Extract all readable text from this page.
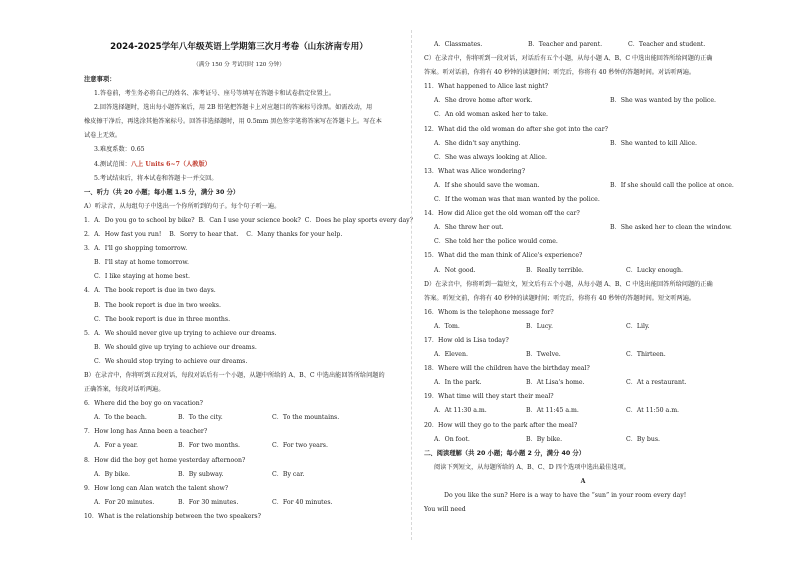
2024-2025学年八年级英语上学期第三次月考卷（山东济南专用）
（满分 150 分 考试用时 120 分钟）
注意事项：
1.答卷前，考生务必将自己的姓名、准考证号、座号等填写在答题卡和试卷指定位置上。
2.回答选择题时，选出每小题答案后，用 2B 铅笔把答题卡上对应题目的答案标号涂黑。如需改动，用
橡皮擦干净后，再选涂其他答案标号。回答非选择题时，用 0.5mm 黑色签字笔将答案写在答题卡上。写在本
试卷上无效。
3.难度系数：0.65
4.测试范围：八上 Units 6~7（人教版）
5.考试结束后，将本试卷和答题卡一并交回。
一、听力（共 20 小题；每小题 1.5 分，满分 30 分）
A）听录音，从每组句子中选出一个你所听到的句子。每个句子听一遍。
1．A．Do you go to school by bike? B．Can I use your science book? C．Does he play sports every day?
2．A．How fast you run! B．Sorry to hear that. C．Many thanks for your help.
3．A．I'll go shopping tomorrow.
B．I'll stay at home tomorrow.
C．I like staying at home best.
4．A．The book report is due in two days.
B．The book report is due in two weeks.
C．The book report is due in three months.
5．A．We should never give up trying to achieve our dreams.
B．We should give up trying to achieve our dreams.
C．We should stop trying to achieve our dreams.
B）在录音中，你将听到五段对话，每段对话后有一个小题，从题中所给的 A、B、C 中选出能回答所给问题的
正确答案，每段对话听两遍。
6．Where did the boy go on vacation?
A．To the beach.	B．To the city.	C．To the mountains.
7．How long has Anna been a teacher?
A．For a year.	B．For two months.	C．For two years.
8．How did the boy get home yesterday afternoon?
A．By bike.	B．By subway.	C．By car.
9．How long can Alan watch the talent show?
A．For 20 minutes.	B．For 30 minutes.	C．For 40 minutes.
10．What is the relationship between the two speakers?
A．Classmates.	B．Teacher and parent.	C．Teacher and student.
C）在录音中，你将听到一段对话，对话后有五个小题，从每小题 A、B、C 中选出能回答所给问题的正确
答案。听对话前，你将有 40 秒钟的读题时间；听完后，你将有 40 秒钟的答题时间。对话听两遍。
11．What happened to Alice last night?
A．She drove home after work.	B．She was wanted by the police.
C．An old woman asked her to take.
12．What did the old woman do after she got into the car?
A．She didn't say anything.	B．She wanted to kill Alice.
C．She was always looking at Alice.
13．What was Alice wondering?
A．If she should save the woman.	B．If she should call the police at once.
C．If the woman was that man wanted by the police.
14．How did Alice get the old woman off the car?
A．She threw her out.	B．She asked her to clean the window.
C．She told her the police would come.
15．What did the man think of Alice's experience?
A．Not good.	B．Really terrible.	C．Lucky enough.
D）在录音中，你将听到一篇短文，短文后有五个小题，从每小题 A、B、C 中选出能回答所给问题的正确
答案。听短文前，你将有 40 秒钟的读题时间；听完后，你将有 40 秒钟的答题时间。短文听两遍。
16．Whom is the telephone message for?
A．Tom.	B．Lucy.	C．Lily.
17．How old is Lisa today?
A．Eleven.	B．Twelve.	C．Thirteen.
18．Where will the children have the birthday meal?
A．In the park.	B．At Lisa's home.	C．At a restaurant.
19．What time will they start their meal?
A．At 11:30 a.m.	B．At 11:45 a.m.	C．At 11:50 a.m.
20．How will they go to the park after the meal?
A．On foot.	B．By bike.	C．By bus.
二、阅读理解（共 20 小题；每小题 2 分，满分 40 分）
阅读下列短文，从每题所给的 A、B、C、D 四个选项中选出最佳选项。
A
Do you like the sun? Here is a way to have the “sun” in your room every day!
You will need
